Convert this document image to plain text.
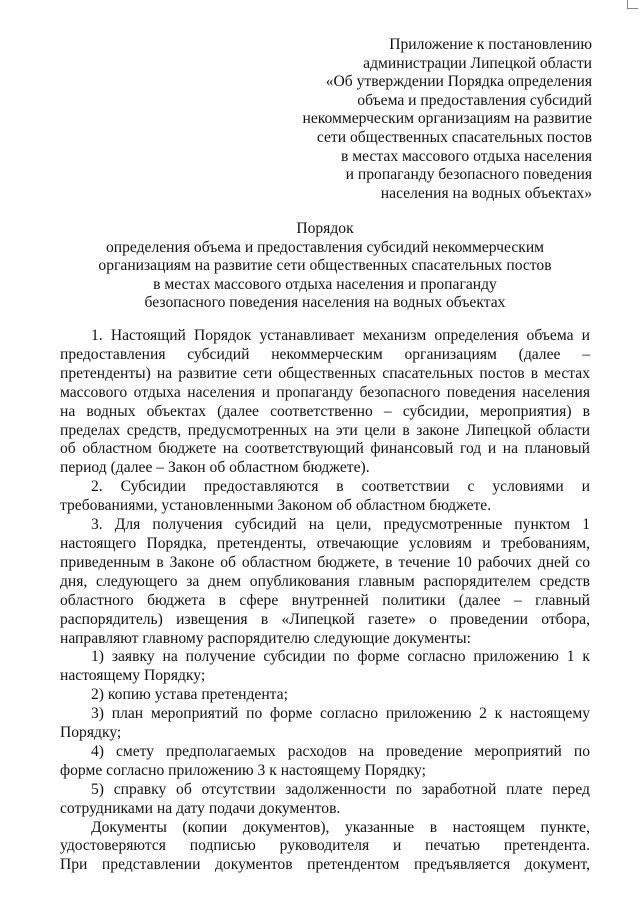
Приложение к постановлению
администрации Липецкой области
«Об утверждении Порядка определения
объема и предоставления субсидий
некоммерческим организациям на развитие
сети общественных спасательных постов
в местах массового отдыха населения
и пропаганду безопасного поведения
населения на водных объектах»
Порядок
определения объема и предоставления субсидий некоммерческим
организациям на развитие сети общественных спасательных постов
в местах массового отдыха населения и пропаганду
безопасного поведения населения на водных объектах
1. Настоящий Порядок устанавливает механизм определения объема и
предоставления субсидий некоммерческим организациям (далее –
претенденты) на развитие сети общественных спасательных постов в местах
массового отдыха населения и пропаганду безопасного поведения населения
на водных объектах (далее соответственно – субсидии, мероприятия) в
пределах средств, предусмотренных на эти цели в законе Липецкой области
об областном бюджете на соответствующий финансовый год и на плановый
период (далее – Закон об областном бюджете).
2. Субсидии предоставляются в соответствии с условиями и
требованиями, установленными Законом об областном бюджете.
3. Для получения субсидий на цели, предусмотренные пунктом 1
настоящего Порядка, претенденты, отвечающие условиям и требованиям,
приведенным в Законе об областном бюджете, в течение 10 рабочих дней со
дня, следующего за днем опубликования главным распорядителем средств
областного бюджета в сфере внутренней политики (далее – главный
распорядитель) извещения в «Липецкой газете» о проведении отбора,
направляют главному распорядителю следующие документы:
1) заявку на получение субсидии по форме согласно приложению 1 к
настоящему Порядку;
2) копию устава претендента;
3) план мероприятий по форме согласно приложению 2 к настоящему
Порядку;
4) смету предполагаемых расходов на проведение мероприятий по
форме согласно приложению 3 к настоящему Порядку;
5) справку об отсутствии задолженности по заработной плате перед
сотрудниками на дату подачи документов.
Документы (копии документов), указанные в настоящем пункте,
удостоверяются подписью руководителя и печатью претендента.
При представлении документов претендентом предъявляется документ,
